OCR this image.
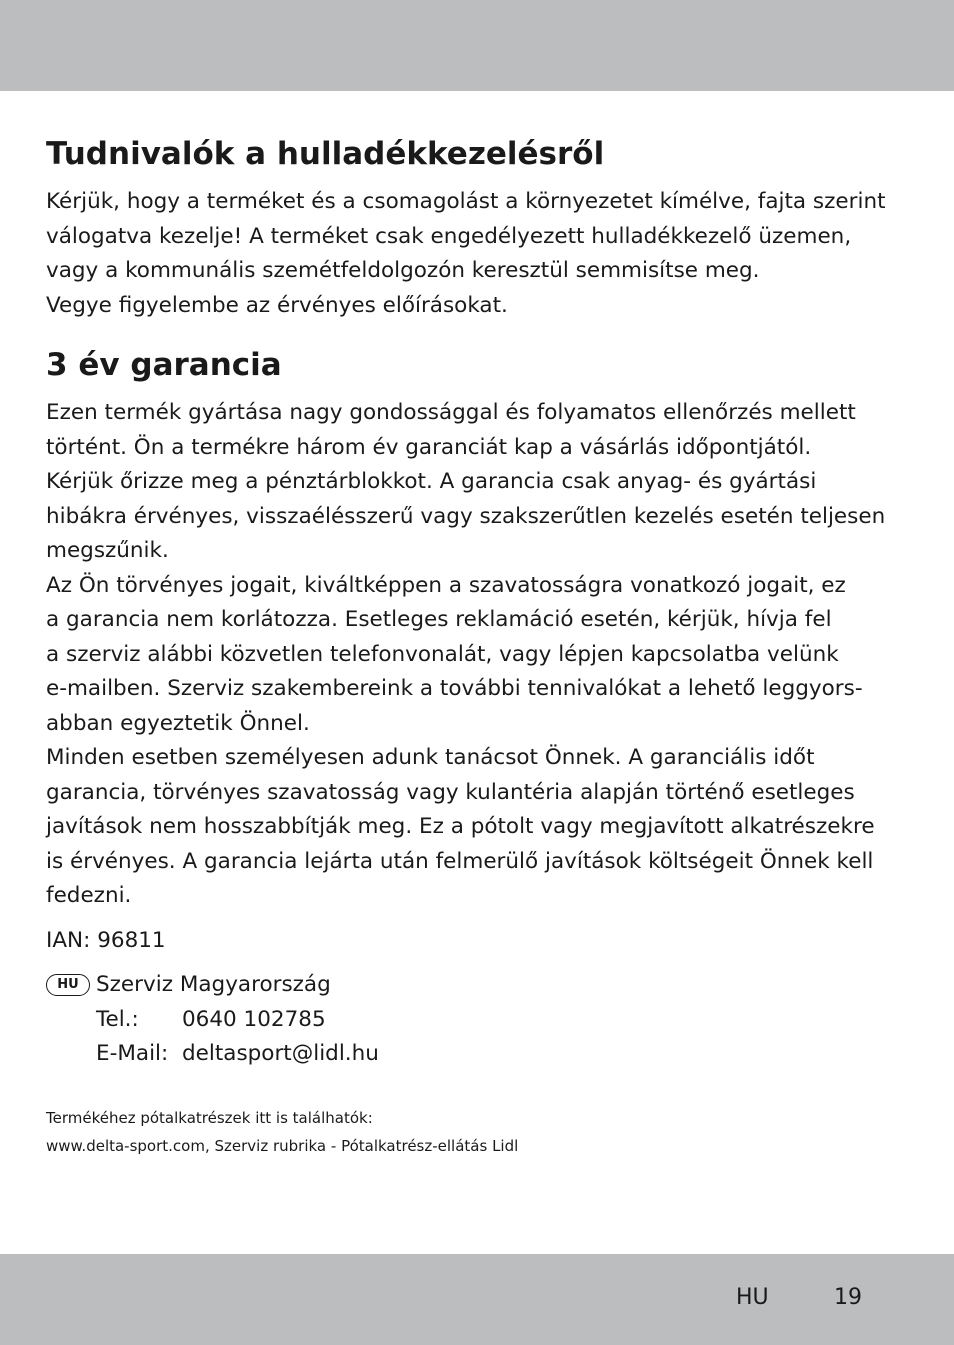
Tudnivalók a hulladékkezelésről
Kérjük, hogy a terméket és a csomagolást a környezetet kímélve, fajta szerint
válogatva kezelje! A terméket csak engedélyezett hulladékkezelő üzemen,
vagy a kommunális szemétfeldolgozón keresztül semmisítse meg.
Vegye figyelembe az érvényes előírásokat.
3 év garancia
Ezen termék gyártása nagy gondossággal és folyamatos ellenőrzés mellett
történt. Ön a termékre három év garanciát kap a vásárlás időpontjától.
Kérjük őrizze meg a pénztárblokkot. A garancia csak anyag- és gyártási
hibákra érvényes, visszaélésszerű vagy szakszerűtlen kezelés esetén teljesen
megszűnik.
Az Ön törvényes jogait, kiváltképpen a szavatosságra vonatkozó jogait, ez
a garancia nem korlátozza. Esetleges reklamáció esetén, kérjük, hívja fel
a szerviz alábbi közvetlen telefonvonalát, vagy lépjen kapcsolatba velünk
e-mailben. Szerviz szakembereink a további tennivalókat a lehető leggyors-
abban egyeztetik Önnel.
Minden esetben személyesen adunk tanácsot Önnek. A garanciális időt
garancia, törvényes szavatosság vagy kulantéria alapján történő esetleges
javítások nem hosszabbítják meg. Ez a pótolt vagy megjavított alkatrészekre
is érvényes. A garancia lejárta után felmerülő javítások költségeit Önnek kell
fedezni.
IAN: 96811
HU Szerviz Magyarország
Tel.: 0640 102785
E-Mail: deltasport@lidl.hu
Termékéhez pótalkatrészek itt is találhatók:
www.delta-sport.com, Szerviz rubrika - Pótalkatrész-ellátás Lidl
HU	19
